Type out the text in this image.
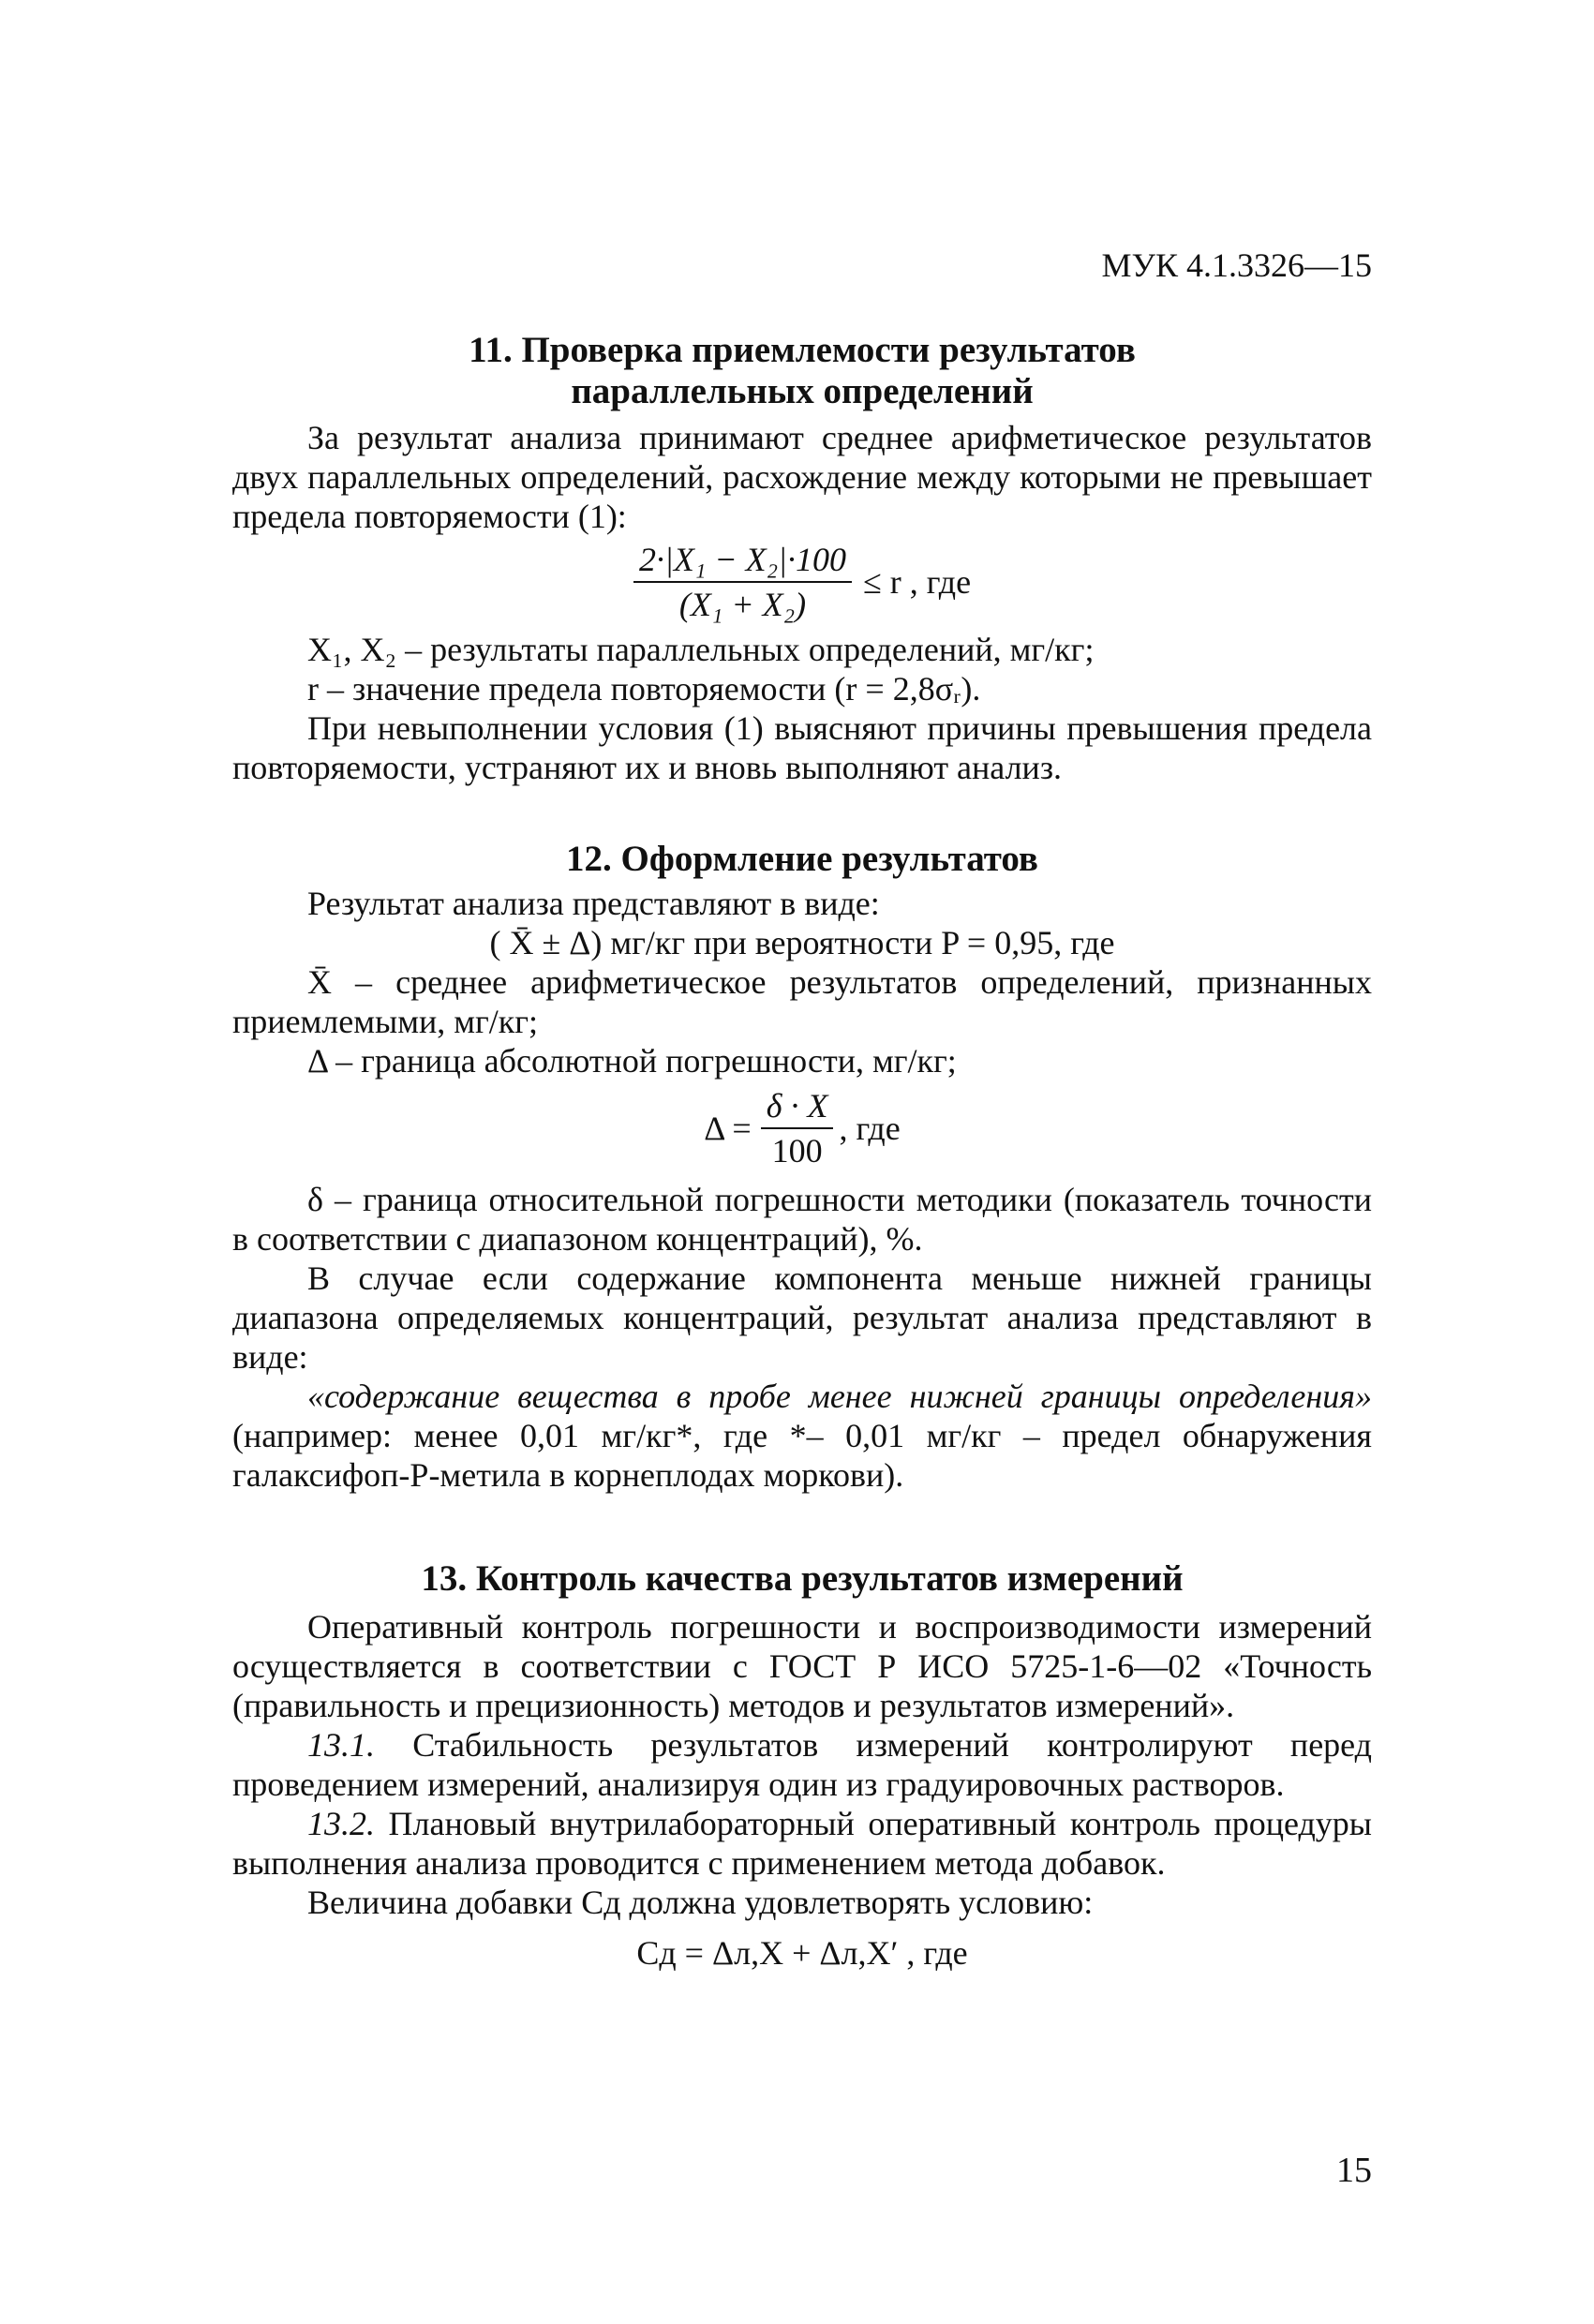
МУК 4.1.3326—15
11. Проверка приемлемости результатов
параллельных определений

За результат анализа принимают среднее арифметическое результатов двух параллельных определений, расхождение между которыми не превышает предела повторяемости (1):

$\frac{\text{2·|X₁ − X₂|·100}}{\text{(X₁ + X₂)}} \le r$ , где

X₁, X₂ – результаты параллельных определений, мг/кг;

r – значение предела повторяемости (r = 2,8σᵣ).

При невыполнении условия (1) выясняют причины превышения предела повторяемости, устраняют их и вновь выполняют анализ.

12. Оформление результатов

Результат анализа представляют в виде:

( X̄ ± Δ) мг/кг при вероятности P = 0,95, где

X̄ – среднее арифметическое результатов определений, признанных приемлемыми, мг/кг;

Δ – граница абсолютной погрешности, мг/кг;

$\Delta = \frac{\delta \cdot X}{100}$ , где

δ – граница относительной погрешности методики (показатель точности в соответствии с диапазоном концентраций), %.

В случае если содержание компонента меньше нижней границы диапазона определяемых концентраций, результат анализа представляют в виде:

«содержание вещества в пробе менее нижней границы определения» (например: менее 0,01 мг/кг*, где *– 0,01 мг/кг – предел обнаружения галаксифоп-Р-метила в корнеплодах моркови).

13. Контроль качества результатов измерений

Оперативный контроль погрешности и воспроизводимости измерений осуществляется в соответствии с ГОСТ Р ИСО 5725-1-6—02 «Точность (правильность и прецизионность) методов и результатов измерений».

13.1. Стабильность результатов измерений контролируют перед проведением измерений, анализируя один из градуировочных растворов.

13.2. Плановый внутрилабораторный оперативный контроль процедуры выполнения анализа проводится с применением метода добавок.

Величина добавки Cд должна удовлетворять условию:

Cд = Δл,X + Δл,X′ , где

15
